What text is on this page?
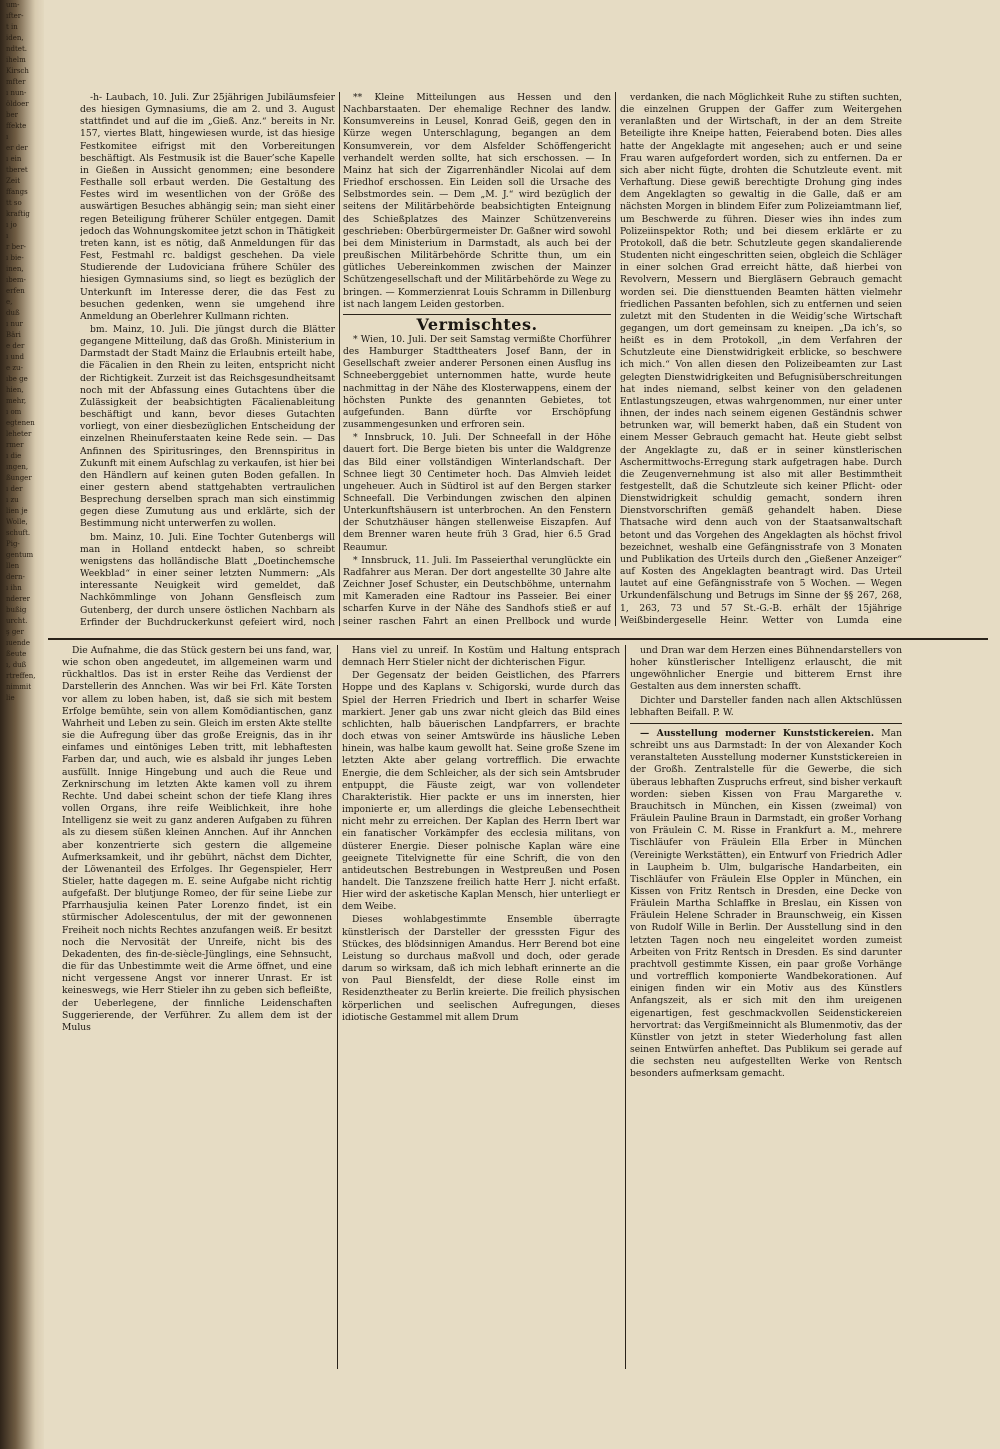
um-
ıfter-
t in
iden,
ndtet.
ihelm
Kirsch
mfter
ı nun-
öldoer
ber
ffekte
ı
er der
ı ein
tberet
Zeit
ffangs
tt so
kraftig
ı jo
ı
r ber-
ı bie-
inen,
ıbem-
erfen
e,
duß
ı nur
Bäri
e der
ı und
e zu-
ıbe ge
hien,
mehr,
ı om
egtenen
leheter
rmer
ı die
ıngen,
ßunger
ı der
ı zu
lien je
Wolle,
schuft.
Pig-
gentum
llen
dern-
ı ihn
nderer
bußig
urcht.
ş ger
ıuende
ßeute
ı, duß
rtreffen,
nimmit
lie

-h- Laubach, 10. Juli. Zur 25jährigen Jubiläumsfeier des hiesigen Gymnasiums, die am 2. und 3. August stattfindet und auf die im „Gieß. Anz.“ bereits in Nr. 157, viertes Blatt, hingewiesen wurde, ist das hiesige Festkomitee eifrigst mit den Vorbereitungen beschäftigt. Als Festmusik ist die Bauer’sche Kapelle in Gießen in Aussicht genommen; eine besondere Festhalle soll erbaut werden. Die Gestaltung des Festes wird im wesentlichen von der Größe des auswärtigen Besuches abhängig sein; man sieht einer regen Beteiligung früherer Schüler entgegen. Damit jedoch das Wohnungskomitee jetzt schon in Thätigkeit treten kann, ist es nötig, daß Anmeldungen für das Fest, Festmahl rc. baldigst geschehen. Da viele Studierende der Ludoviciana frühere Schüler des hiesigen Gymnasiums sind, so liegt es bezüglich der Unterkunft im Interesse derer, die das Fest zu besuchen gedenken, wenn sie umgehend ihre Anmeldung an Oberlehrer Kullmann richten.

bm. Mainz, 10. Juli. Die jüngst durch die Blätter gegangene Mitteilung, daß das Großh. Ministerium in Darmstadt der Stadt Mainz die Erlaubnis erteilt habe, die Fäcalien in den Rhein zu leiten, entspricht nicht der Richtigkeit. Zurzeit ist das Reichsgesundheitsamt noch mit der Abfassung eines Gutachtens über die Zulässigkeit der beabsichtigten Fäcalienableitung beschäftigt und kann, bevor dieses Gutachten vorliegt, von einer diesbezüglichen Entscheidung der einzelnen Rheinuferstaaten keine Rede sein. — Das Anfinnen des Spiritusringes, den Brennspiritus in Zukunft mit einem Aufschlag zu verkaufen, ist hier bei den Händlern auf keinen guten Boden gefallen. In einer gestern abend stattgehabten vertraulichen Besprechung derselben sprach man sich einstimmig gegen diese Zumutung aus und erklärte, sich der Bestimmung nicht unterwerfen zu wollen.

bm. Mainz, 10. Juli. Eine Tochter Gutenbergs will man in Holland entdeckt haben, so schreibt wenigstens das holländische Blatt „Doetinchemsche Weekblad“ in einer seiner letzten Nummern: „Als interessante Neuigkeit wird gemeldet, daß Nachkömmlinge von Johann Gensfleisch zum Gutenberg, der durch unsere östlichen Nachbarn als Erfinder der Buchdruckerkunst gefeiert wird, noch

** Kleine Mitteilungen aus Hessen und den Nachbarstaaten. Der ehemalige Rechner des landw. Konsumvereins in Leusel, Konrad Geiß, gegen den in Kürze wegen Unterschlagung, begangen an dem Konsumverein, vor dem Alsfelder Schöffengericht verhandelt werden sollte, hat sich erschossen. — In Mainz hat sich der Zigarrenhändler Nicolai auf dem Friedhof erschossen. Ein Leiden soll die Ursache des Selbstmordes sein. — Dem „M. J.“ wird bezüglich der seitens der Militärbehörde beabsichtigten Enteignung des Schießplatzes des Mainzer Schützenvereins geschrieben: Oberbürgermeister Dr. Gaßner wird sowohl bei dem Ministerium in Darmstadt, als auch bei der preußischen Militärbehörde Schritte thun, um ein gütliches Uebereinkommen zwischen der Mainzer Schützengesellschaft und der Militärbehörde zu Wege zu bringen. — Kommerzienrat Louis Schramm in Dillenburg ist nach langem Leiden gestorben.

Vermischtes.

* Wien, 10. Juli. Der seit Samstag vermißte Chorführer des Hamburger Stadttheaters Josef Bann, der in Gesellschaft zweier anderer Personen einen Ausflug ins Schneeberggebiet unternommen hatte, wurde heute nachmittag in der Nähe des Klosterwappens, einem der höchsten Punkte des genannten Gebietes, tot aufgefunden. Bann dürfte vor Erschöpfung zusammengesunken und erfroren sein.

* Innsbruck, 10. Juli. Der Schneefall in der Höhe dauert fort. Die Berge bieten bis unter die Waldgrenze das Bild einer vollständigen Winterlandschaft. Der Schnee liegt 30 Centimeter hoch. Das Almvieh leidet ungeheuer. Auch in Südtirol ist auf den Bergen starker Schneefall. Die Verbindungen zwischen den alpinen Unterkunftshäusern ist unterbrochen. An den Fenstern der Schutzhäuser hängen stellenweise Eiszapfen. Auf dem Brenner waren heute früh 3 Grad, hier 6.5 Grad Reaumur.

* Innsbruck, 11. Juli. Im Passeierthal verunglückte ein Radfahrer aus Meran. Der dort angestellte 30 Jahre alte Zeichner Josef Schuster, ein Deutschböhme, unternahm mit Kameraden eine Radtour ins Passeier. Bei einer scharfen Kurve in der Nähe des Sandhofs stieß er auf seiner raschen Fahrt an einen Prellbock und wurde

verdanken, die nach Möglichkeit Ruhe zu stiften suchten, die einzelnen Gruppen der Gaffer zum Weitergehen veranlaßten und der Wirtschaft, in der an dem Streite Beteiligte ihre Kneipe hatten, Feierabend boten. Dies alles hatte der Angeklagte mit angesehen; auch er und seine Frau waren aufgefordert worden, sich zu entfernen. Da er sich aber nicht fügte, drohten die Schutzleute event. mit Verhaftung. Diese gewiß berechtigte Drohung ging indes dem Angeklagten so gewaltig in die Galle, daß er am nächsten Morgen in blindem Eifer zum Polizeiamtmann lief, um Beschwerde zu führen. Dieser wies ihn indes zum Polizeiinspektor Roth; und bei diesem erklärte er zu Protokoll, daß die betr. Schutzleute gegen skandalierende Studenten nicht eingeschritten seien, obgleich die Schläger in einer solchen Grad erreicht hätte, daß hierbei von Revolvern, Messern und Biergläsern Gebrauch gemacht worden sei. Die diensttuenden Beamten hätten vielmehr friedlichen Passanten befohlen, sich zu entfernen und seien zuletzt mit den Studenten in die Weidig’sche Wirtschaft gegangen, um dort gemeinsam zu kneipen. „Da ich’s, so heißt es in dem Protokoll, „in dem Verfahren der Schutzleute eine Dienstwidrigkeit erblicke, so beschwere ich mich.“ Von allen diesen den Polizeibeamten zur Last gelegten Dienstwidrigkeiten und Befugnisüberschreitungen hat indes niemand, selbst keiner von den geladenen Entlastungszeugen, etwas wahrgenommen, nur einer unter ihnen, der indes nach seinem eigenen Geständnis schwer betrunken war, will bemerkt haben, daß ein Student von einem Messer Gebrauch gemacht hat. Heute giebt selbst der Angeklagte zu, daß er in seiner künstlerischen Aschermittwochs-Erregung stark aufgetragen habe. Durch die Zeugenvernehmung ist also mit aller Bestimmtheit festgestellt, daß die Schutzleute sich keiner Pflicht- oder Dienstwidrigkeit schuldig gemacht, sondern ihren Dienstvorschriften gemäß gehandelt haben. Diese Thatsache wird denn auch von der Staatsanwaltschaft betont und das Vorgehen des Angeklagten als höchst frivol bezeichnet, weshalb eine Gefängnisstrafe von 3 Monaten und Publikation des Urteils durch den „Gießener Anzeiger“ auf Kosten des Angeklagten beantragt wird. Das Urteil lautet auf eine Gefängnisstrafe von 5 Wochen. — Wegen Urkundenfälschung und Betrugs im Sinne der §§ 267, 268, 1, 263, 73 und 57 St.-G.-B. erhält der 15jährige Weißbindergeselle Heinr. Wetter von Lumda eine

Die Aufnahme, die das Stück gestern bei uns fand, war, wie schon oben angedeutet, im allgemeinen warm und rückhaltlos. Das ist in erster Reihe das Verdienst der Darstellerin des Annchen. Was wir bei Frl. Käte Torsten vor allem zu loben haben, ist, daß sie sich mit bestem Erfolge bemühte, sein von allem Komödiantischen, ganz Wahrheit und Leben zu sein. Gleich im ersten Akte stellte sie die Aufregung über das große Ereignis, das in ihr einfames und eintöniges Leben tritt, mit lebhaftesten Farben dar, und auch, wie es alsbald ihr junges Leben ausfüllt. Innige Hingebung und auch die Reue und Zerknirschung im letzten Akte kamen voll zu ihrem Rechte. Und dabei scheint schon der tiefe Klang ihres vollen Organs, ihre reife Weiblichkeit, ihre hohe Intelligenz sie weit zu ganz anderen Aufgaben zu führen als zu diesem süßen kleinen Annchen. Auf ihr Annchen aber konzentrierte sich gestern die allgemeine Aufmerksamkeit, und ihr gebührt, nächst dem Dichter, der Löwenanteil des Erfolges. Ihr Gegenspieler, Herr Stieler, hatte dagegen m. E. seine Aufgabe nicht richtig aufgefaßt. Der blutjunge Romeo, der für seine Liebe zur Pfarrhausjulia keinen Pater Lorenzo findet, ist ein stürmischer Adolescentulus, der mit der gewonnenen Freiheit noch nichts Rechtes anzufangen weiß. Er besitzt noch die Nervosität der Unreife, nicht bis des Dekadenten, des fin-de-siècle-Jünglings, eine Sehnsucht, die für das Unbestimmte weit die Arme öffnet, und eine nicht vergessene Angst vor innerer Unrast. Er ist keineswegs, wie Herr Stieler ihn zu geben sich befleißte, der Ueberlegene, der finnliche Leidenschaften Suggerierende, der Verführer. Zu allem dem ist der Mulus

Hans viel zu unreif. In Kostüm und Haltung entsprach demnach Herr Stieler nicht der dichterischen Figur.

Der Gegensatz der beiden Geistlichen, des Pfarrers Hoppe und des Kaplans v. Schigorski, wurde durch das Spiel der Herren Friedrich und Ibert in scharfer Weise markiert. Jener gab uns zwar nicht gleich das Bild eines schlichten, halb bäuerischen Landpfarrers, er brachte doch etwas von seiner Amtswürde ins häusliche Leben hinein, was halbe kaum gewollt hat. Seine große Szene im letzten Akte aber gelang vortrefflich. Die erwachte Energie, die dem Schleicher, als der sich sein Amtsbruder entpuppt, die Fäuste zeigt, war von vollendeter Charakteristik. Hier packte er uns im innersten, hier imponierte er, um allerdings die gleiche Lebensechtheit nicht mehr zu erreichen. Der Kaplan des Herrn Ibert war ein fanatischer Vorkämpfer des ecclesia militans, von düsterer Energie. Dieser polnische Kaplan wäre eine geeignete Titelvignette für eine Schrift, die von den antideutschen Bestrebungen in Westpreußen und Posen handelt. Die Tanzszene freilich hatte Herr J. nicht erfaßt. Hier wird der asketische Kaplan Mensch, hier unterliegt er dem Weibe.

Dieses wohlabgestimmte Ensemble überragte künstlerisch der Darsteller der gresssten Figur des Stückes, des blödsinnigen Amandus. Herr Berend bot eine Leistung so durchaus maßvoll und doch, oder gerade darum so wirksam, daß ich mich lebhaft erinnerte an die von Paul Biensfeldt, der diese Rolle einst im Residenztheater zu Berlin kreierte. Die freilich physischen körperlichen und seelischen Aufregungen, dieses idiotische Gestammel mit allem Drum

und Dran war dem Herzen eines Bühnendarstellers von hoher künstlerischer Intelligenz erlauscht, die mit ungewöhnlicher Energie und bitterem Ernst ihre Gestalten aus dem innersten schafft.

Dichter und Darsteller fanden nach allen Aktschlüssen lebhaften Beifall. P. W.

— Ausstellung moderner Kunststickereien. Man schreibt uns aus Darmstadt: In der von Alexander Koch veranstalteten Ausstellung moderner Kunststickereien in der Großh. Zentralstelle für die Gewerbe, die sich überaus lebhaften Zuspruchs erfreut, sind bisher verkauft worden: sieben Kissen von Frau Margarethe v. Brauchitsch in München, ein Kissen (zweimal) von Fräulein Pauline Braun in Darmstadt, ein großer Vorhang von Fräulein C. M. Risse in Frankfurt a. M., mehrere Tischläufer von Fräulein Ella Erber in München (Vereinigte Werkstätten), ein Entwurf von Friedrich Adler in Laupheim b. Ulm, bulgarische Handarbeiten, ein Tischläufer von Fräulein Else Oppler in München, ein Kissen von Fritz Rentsch in Dresden, eine Decke von Fräulein Martha Schlaffke in Breslau, ein Kissen von Fräulein Helene Schrader in Braunschweig, ein Kissen von Rudolf Wille in Berlin. Der Ausstellung sind in den letzten Tagen noch neu eingeleitet worden zumeist Arbeiten von Fritz Rentsch in Dresden. Es sind darunter prachtvoll gestimmte Kissen, ein paar große Vorhänge und vortrefflich komponierte Wandbekorationen. Auf einigen finden wir ein Motiv aus des Künstlers Anfangszeit, als er sich mit den ihm ureigenen eigenartigen, fest geschmackvollen Seidenstickereien hervortrat: das Vergißmeinnicht als Blumenmotiv, das der Künstler von jetzt in steter Wiederholung fast allen seinen Entwürfen anheftet. Das Publikum sei gerade auf die sechsten neu aufgestellten Werke von Rentsch besonders aufmerksam gemacht.
